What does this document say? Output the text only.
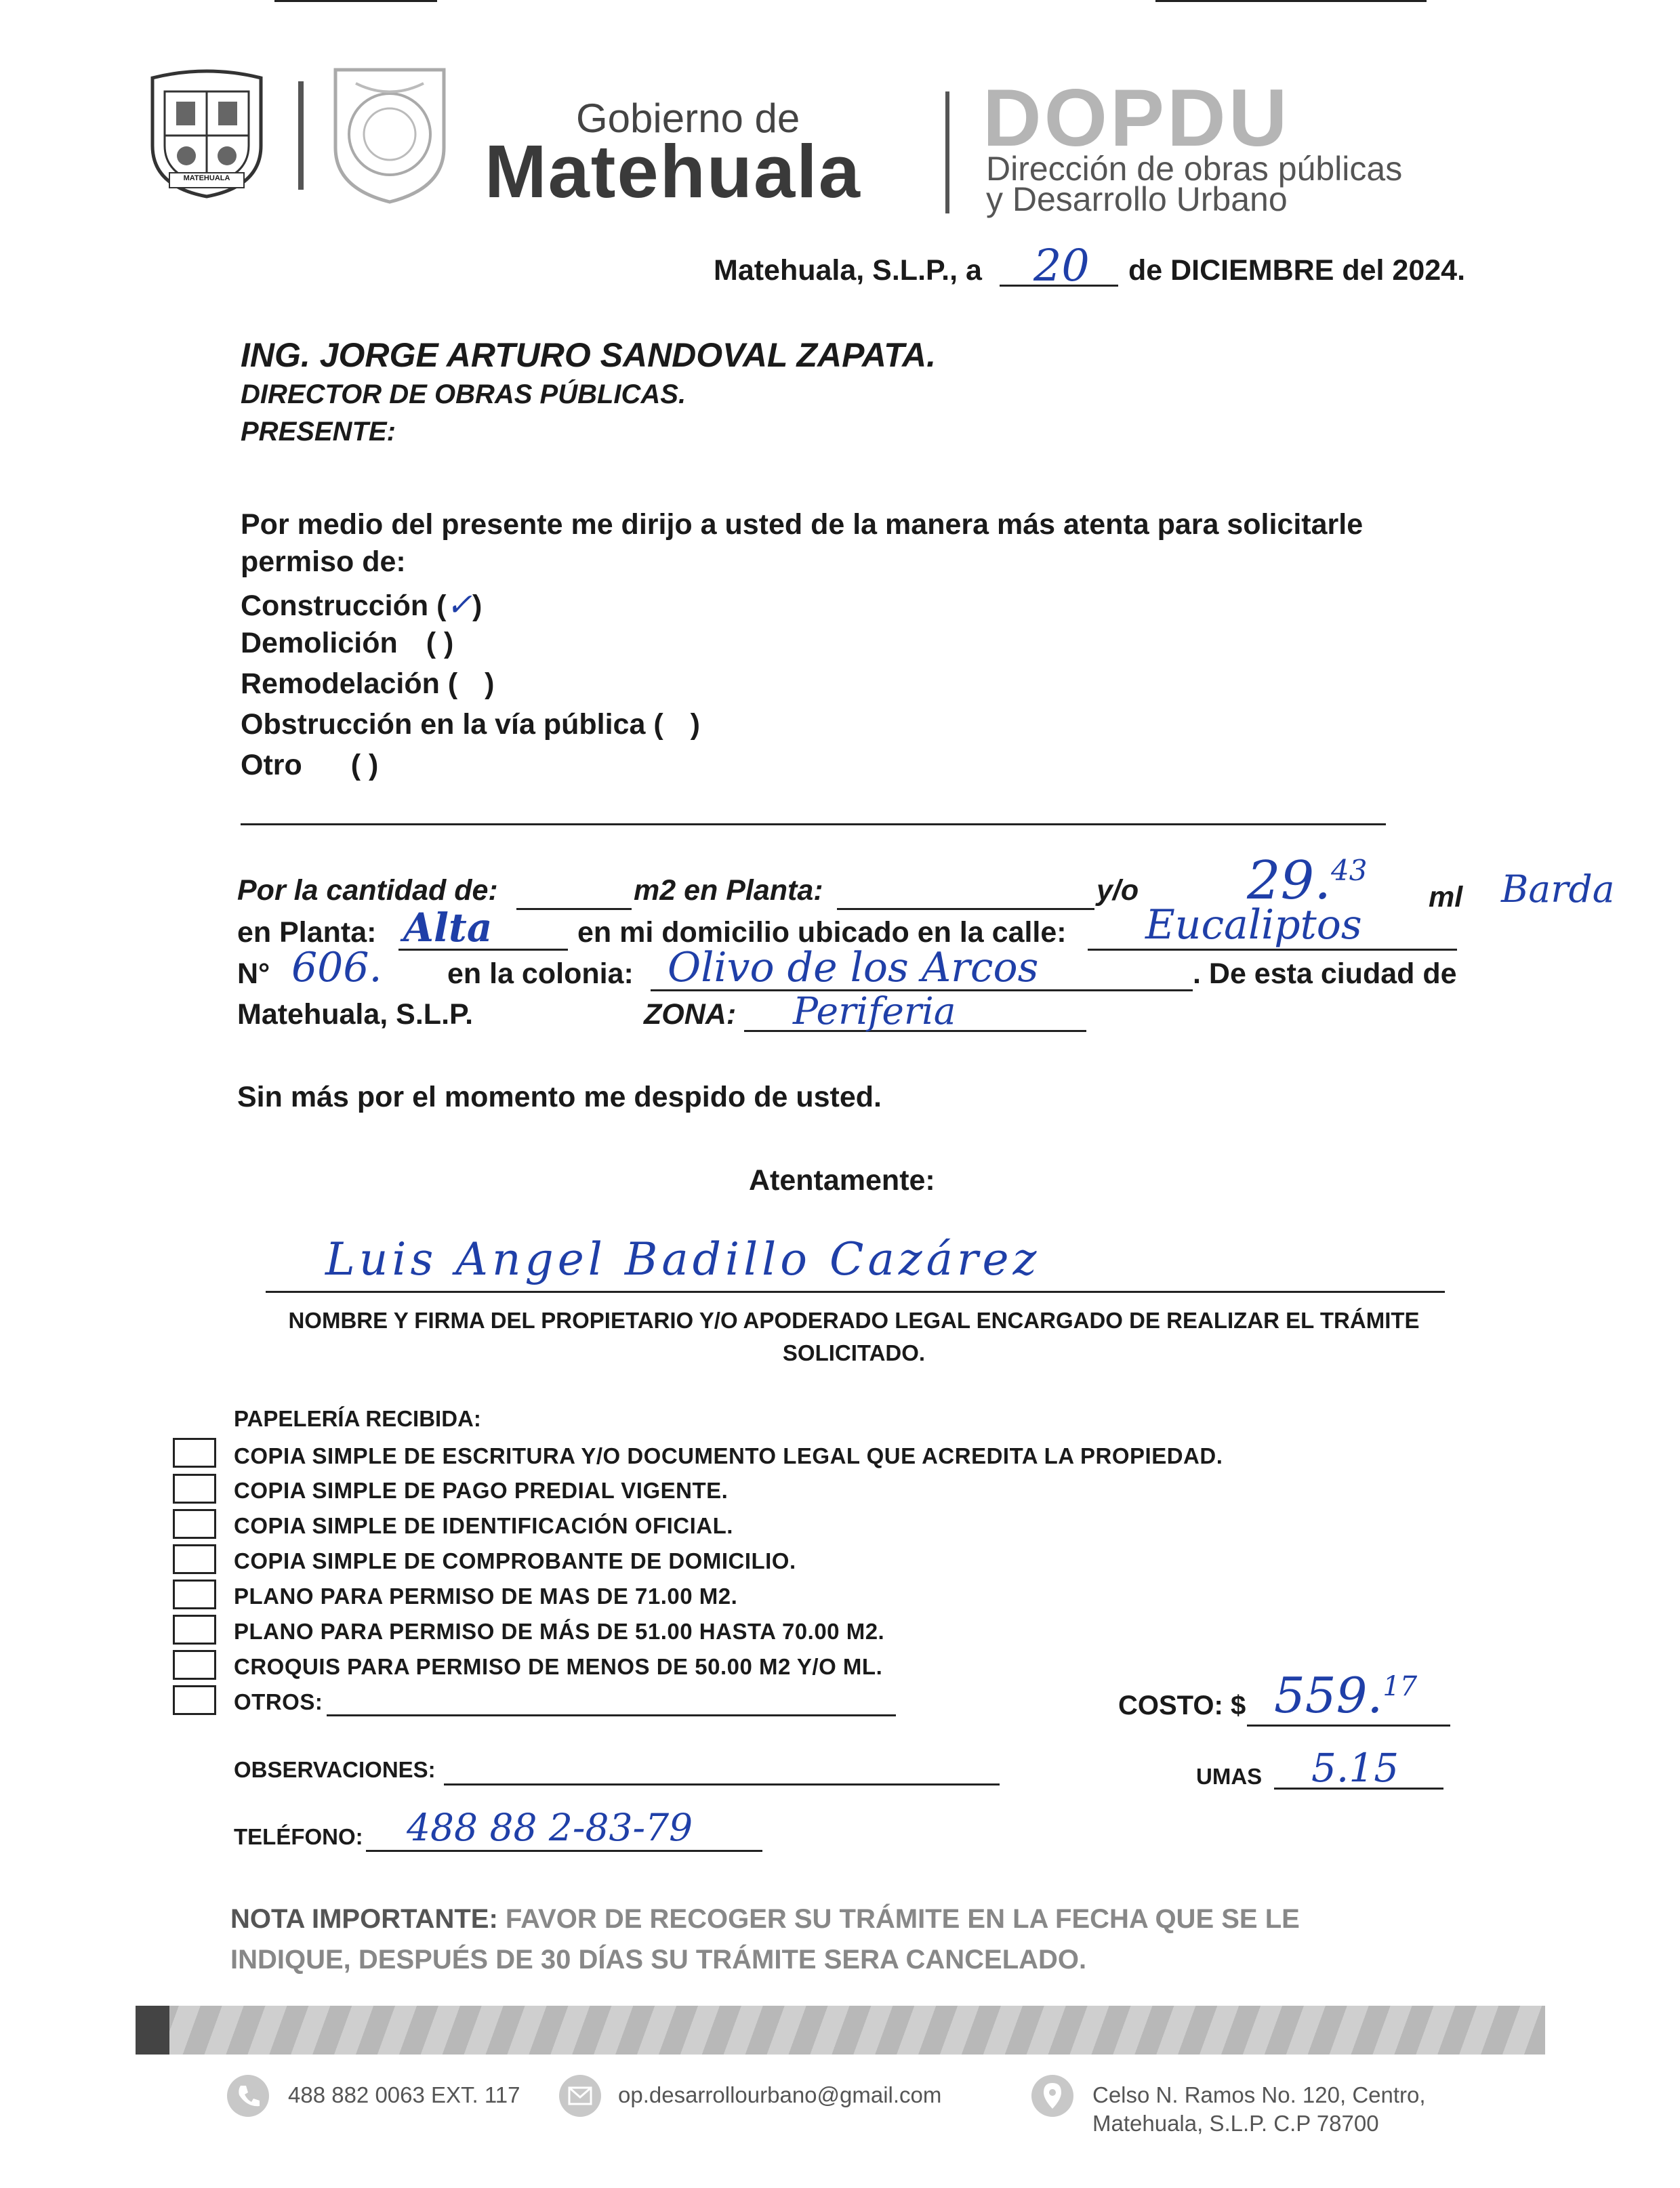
MATEHUALA
Gobierno de
Matehuala
DOPDU
Dirección de obras públicas
y Desarrollo Urbano
Matehuala, S.L.P., a 20 de DICIEMBRE del 2024.
ING. JORGE ARTURO SANDOVAL ZAPATA.
DIRECTOR DE OBRAS PÚBLICAS.
PRESENTE:
Por medio del presente me dirijo a usted de la manera más atenta para solicitarle
permiso de:
Construcción (✓)
Demolición ( )
Remodelación ( )
Obstrucción en la vía pública ( )
Otro ( )
Por la cantidad de:	m2 en Planta:	y/o 29.43
ml Barda
en Planta: Alta	en mi domicilio ubicado en la calle: Eucaliptos
N° 606. en la colonia: Olivo de los Arcos	. De esta ciudad de
Matehuala, S.L.P.	ZONA: Periferia
Sin más por el momento me despido de usted.
Atentamente:
Luis Angel Badillo Cazárez
NOMBRE Y FIRMA DEL PROPIETARIO Y/O APODERADO LEGAL ENCARGADO DE REALIZAR EL TRÁMITE
SOLICITADO.
PAPELERÍA RECIBIDA:
COPIA SIMPLE DE ESCRITURA Y/O DOCUMENTO LEGAL QUE ACREDITA LA PROPIEDAD.
COPIA SIMPLE DE PAGO PREDIAL VIGENTE.
COPIA SIMPLE DE IDENTIFICACIÓN OFICIAL.
COPIA SIMPLE DE COMPROBANTE DE DOMICILIO.
PLANO PARA PERMISO DE MAS DE 71.00 M2.
PLANO PARA PERMISO DE MÁS DE 51.00 HASTA 70.00 M2.
CROQUIS PARA PERMISO DE MENOS DE 50.00 M2 Y/O ML.
OTROS:	COSTO: $ 559.17
OBSERVACIONES:	UMAS 5.15
TELÉFONO: 488 88 2-83-79
NOTA IMPORTANTE: FAVOR DE RECOGER SU TRÁMITE EN LA FECHA QUE SE LE
INDIQUE, DESPUÉS DE 30 DÍAS SU TRÁMITE SERA CANCELADO.
488 882 0063 EXT. 117	op.desarrollourbano@gmail.com	Celso N. Ramos No. 120, Centro,
Matehuala, S.L.P. C.P 78700
